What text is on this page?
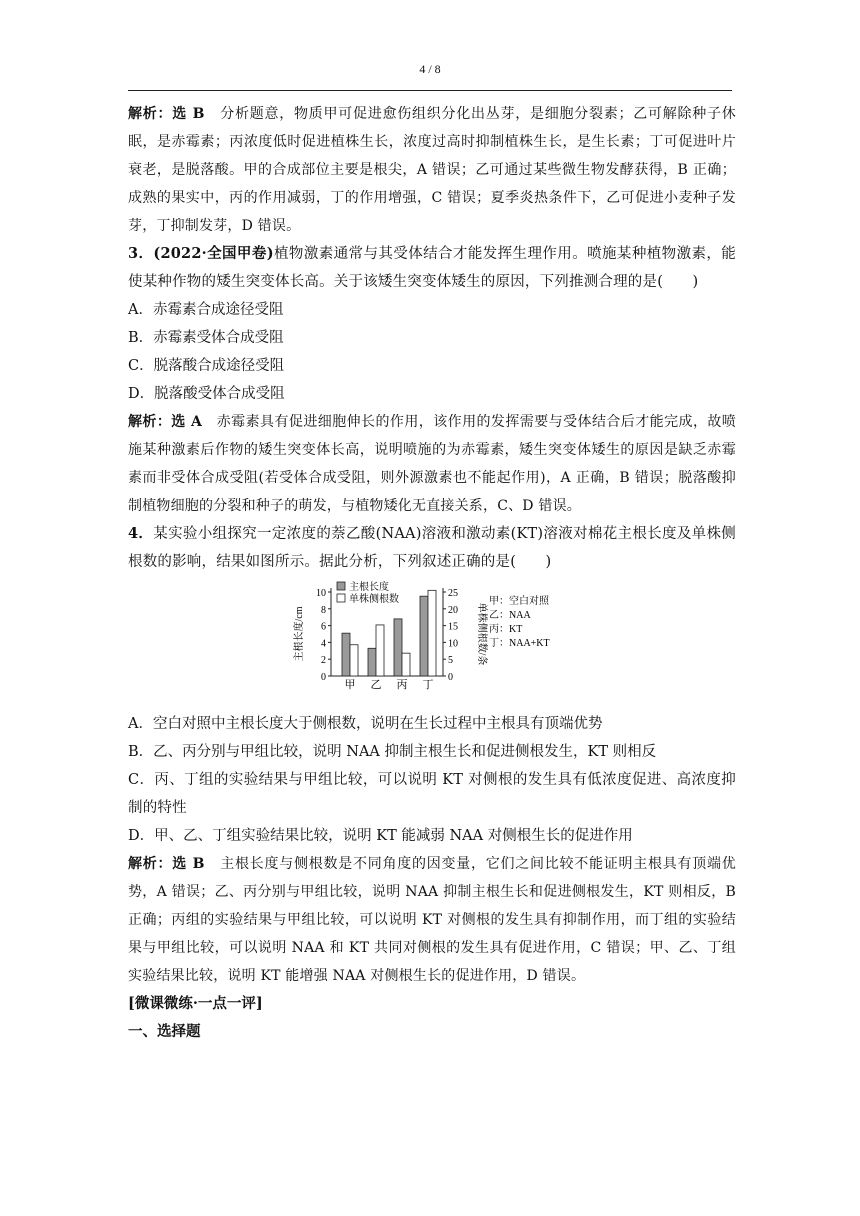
4 / 8

解析：选 B 分析题意，物质甲可促进愈伤组织分化出丛芽，是细胞分裂素；乙可解除种子休眠，是赤霉素；丙浓度低时促进植株生长，浓度过高时抑制植株生长，是生长素；丁可促进叶片衰老，是脱落酸。甲的合成部位主要是根尖，A 错误；乙可通过某些微生物发酵获得，B 正确；成熟的果实中，丙的作用减弱，丁的作用增强，C 错误；夏季炎热条件下，乙可促进小麦种子发芽，丁抑制发芽，D 错误。

3．(2022·全国甲卷)植物激素通常与其受体结合才能发挥生理作用。喷施某种植物激素，能使某种作物的矮生突变体长高。关于该矮生突变体矮生的原因，下列推测合理的是(　　)

A．赤霉素合成途径受阻

B．赤霉素受体合成受阻

C．脱落酸合成途径受阻

D．脱落酸受体合成受阻

解析：选 A 赤霉素具有促进细胞伸长的作用，该作用的发挥需要与受体结合后才能完成，故喷施某种激素后作物的矮生突变体长高，说明喷施的为赤霉素，矮生突变体矮生的原因是缺乏赤霉素而非受体合成受阻(若受体合成受阻，则外源激素也不能起作用)，A 正确，B 错误；脱落酸抑制植物细胞的分裂和种子的萌发，与植物矮化无直接关系，C、D 错误。

4．某实验小组探究一定浓度的萘乙酸(NAA)溶液和激动素(KT)溶液对棉花主根长度及单株侧根数的影响，结果如图所示。据此分析，下列叙述正确的是(　　)

0
2
4
6
8
10
0
5
10
15
20
25
主根长度/cm	单株侧根数/条
甲 乙 丙 丁
主根长度
单株侧根数	甲：空白对照
乙：NAA
丙：KT
丁：NAA+KT

A．空白对照中主根长度大于侧根数，说明在生长过程中主根具有顶端优势

B．乙、丙分别与甲组比较，说明 NAA 抑制主根生长和促进侧根发生，KT 则相反

C．丙、丁组的实验结果与甲组比较，可以说明 KT 对侧根的发生具有低浓度促进、高浓度抑制的特性

D．甲、乙、丁组实验结果比较，说明 KT 能减弱 NAA 对侧根生长的促进作用

解析：选 B 主根长度与侧根数是不同角度的因变量，它们之间比较不能证明主根具有顶端优势，A 错误；乙、丙分别与甲组比较，说明 NAA 抑制主根生长和促进侧根发生，KT 则相反，B 正确；丙组的实验结果与甲组比较，可以说明 KT 对侧根的发生具有抑制作用，而丁组的实验结果与甲组比较，可以说明 NAA 和 KT 共同对侧根的发生具有促进作用，C 错误；甲、乙、丁组实验结果比较，说明 KT 能增强 NAA 对侧根生长的促进作用，D 错误。

[微课微练·一点一评]

一、选择题
